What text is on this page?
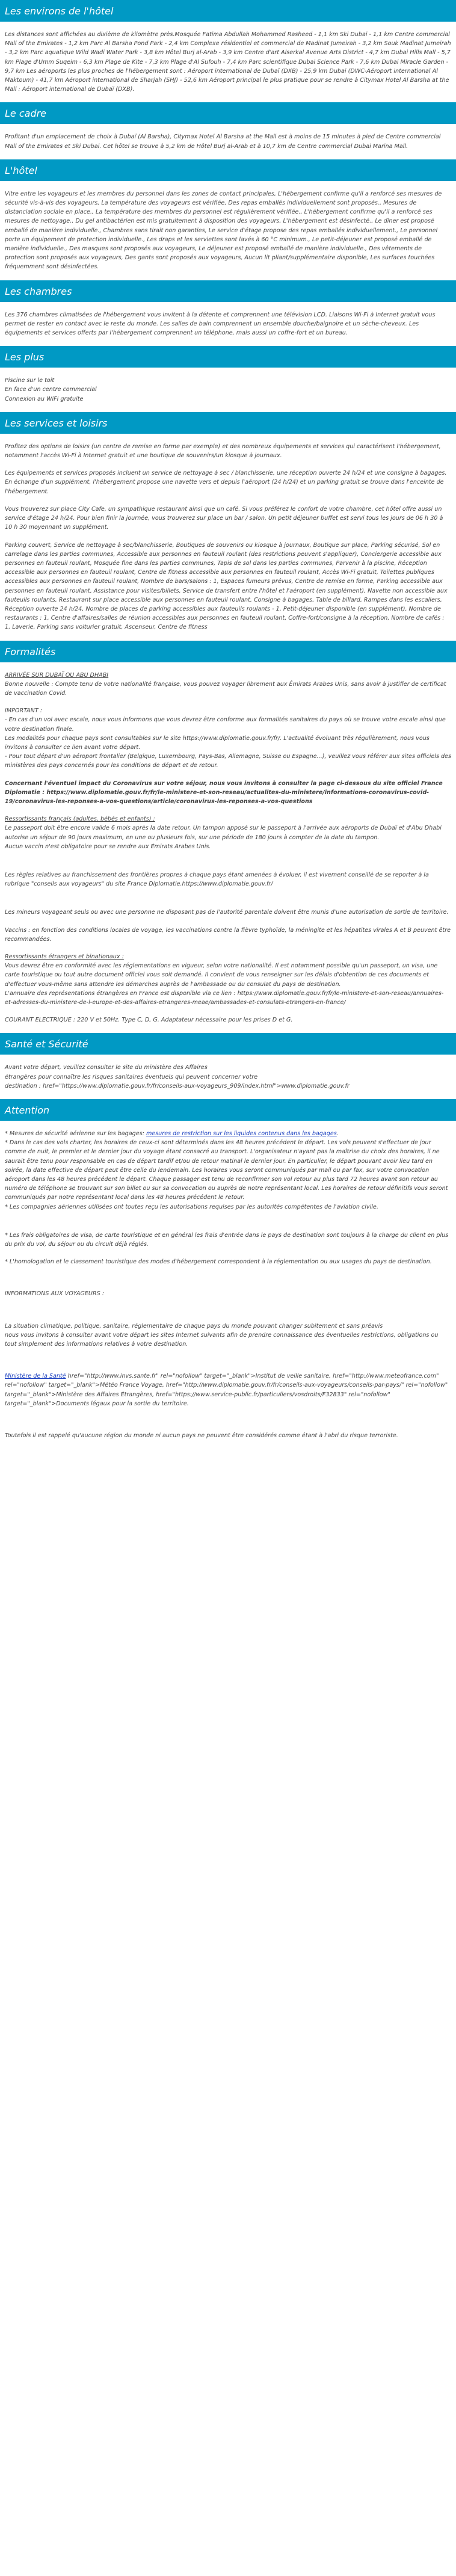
Les environs de l'hôtel

Les distances sont affichées au dixième de kilomètre près.Mosquée Fatima Abdullah Mohammed Rasheed - 1,1 km Ski Dubai - 1,1 km Centre commercial Mall of the Emirates - 1,2 km Parc Al Barsha Pond Park - 2,4 km Complexe résidentiel et commercial de Madinat Jumeirah - 3,2 km Souk Madinat Jumeirah - 3,2 km Parc aquatique Wild Wadi Water Park - 3,8 km Hôtel Burj al-Arab - 3,9 km Centre d'art Alserkal Avenue Arts District - 4,7 km Dubai Hills Mall - 5,7 km Plage d'Umm Suqeim - 6,3 km Plage de Kite - 7,3 km Plage d'Al Sufouh - 7,4 km Parc scientifique Dubai Science Park - 7,6 km Dubai Miracle Garden - 9,7 km Les aéroports les plus proches de l'hébergement sont : Aéroport international de Dubaï (DXB) - 25,9 km Dubai (DWC-Aéroport international Al Maktoum) - 41,7 km Aéroport international de Sharjah (SHJ) - 52,6 km Aéroport principal le plus pratique pour se rendre à Citymax Hotel Al Barsha at the Mall : Aéroport international de Dubaï (DXB).

Le cadre

Profitant d'un emplacement de choix à Dubaï (Al Barsha), Citymax Hotel Al Barsha at the Mall est à moins de 15 minutes à pied de Centre commercial Mall of the Emirates et Ski Dubai. Cet hôtel se trouve à 5,2 km de Hôtel Burj al-Arab et à 10,7 km de Centre commercial Dubai Marina Mall.

L'hôtel

Vitre entre les voyageurs et les membres du personnel dans les zones de contact principales, L'hébergement confirme qu'il a renforcé ses mesures de sécurité vis-à-vis des voyageurs, La température des voyageurs est vérifiée, Des repas emballés individuellement sont proposés., Mesures de distanciation sociale en place., La température des membres du personnel est régulièrement vérifiée., L'hébergement confirme qu'il a renforcé ses mesures de nettoyage., Du gel antibactérien est mis gratuitement à disposition des voyageurs, L'hébergement est désinfecté., Le dîner est proposé emballé de manière individuelle., Chambres sans tirait non garanties, Le service d'étage propose des repas emballés individuellement., Le personnel porte un équipement de protection individuelle., Les draps et les serviettes sont lavés à 60 °C minimum., Le petit-déjeuner est proposé emballé de manière individuelle., Des masques sont proposés aux voyageurs, Le déjeuner est proposé emballé de manière individuelle., Des vêtements de protection sont proposés aux voyageurs, Des gants sont proposés aux voyageurs, Aucun lit pliant/supplémentaire disponible, Les surfaces touchées fréquemment sont désinfectées.

Les chambres

Les 376 chambres climatisées de l'hébergement vous invitent à la détente et comprennent une télévision LCD. Liaisons Wi-Fi à Internet gratuit vous permet de rester en contact avec le reste du monde. Les salles de bain comprennent un ensemble douche/baignoire et un sèche-cheveux. Les équipements et services offerts par l'hébergement comprennent un téléphone, mais aussi un coffre-fort et un bureau.

Les plus

Piscine sur le toit
En face d'un centre commercial
Connexion au WiFi gratuite

Les services et loisirs

Profitez des options de loisirs (un centre de remise en forme par exemple) et des nombreux équipements et services qui caractérisent l'hébergement, notamment l'accès Wi-Fi à Internet gratuit et une boutique de souvenirs/un kiosque à journaux.

Les équipements et services proposés incluent un service de nettoyage à sec / blanchisserie, une réception ouverte 24 h/24 et une consigne à bagages. En échange d'un supplément, l'hébergement propose une navette vers et depuis l'aéroport (24 h/24) et un parking gratuit se trouve dans l'enceinte de l'hébergement.

Vous trouverez sur place City Cafe, un sympathique restaurant ainsi que un café. Si vous préférez le confort de votre chambre, cet hôtel offre aussi un service d'étage 24 h/24. Pour bien finir la journée, vous trouverez sur place un bar / salon. Un petit déjeuner buffet est servi tous les jours de 06 h 30 à 10 h 30 moyennant un supplément.

Parking couvert, Service de nettoyage à sec/blanchisserie, Boutiques de souvenirs ou kiosque à journaux, Boutique sur place, Parking sécurisé, Sol en carrelage dans les parties communes, Accessible aux personnes en fauteuil roulant (des restrictions peuvent s'appliquer), Conciergerie accessible aux personnes en fauteuil roulant, Mosquée fine dans les parties communes, Tapis de sol dans les parties communes, Parvenir à la piscine, Réception accessible aux personnes en fauteuil roulant, Centre de fitness accessible aux personnes en fauteuil roulant, Accès Wi-Fi gratuit, Toilettes publiques accessibles aux personnes en fauteuil roulant, Nombre de bars/salons : 1, Espaces fumeurs prévus, Centre de remise en forme, Parking accessible aux personnes en fauteuil roulant, Assistance pour visites/billets, Service de transfert entre l'hôtel et l'aéroport (en supplément), Navette non accessible aux fauteuils roulants, Restaurant sur place accessible aux personnes en fauteuil roulant, Consigne à bagages, Table de billard, Rampes dans les escaliers, Réception ouverte 24 h/24, Nombre de places de parking accessibles aux fauteuils roulants - 1, Petit-déjeuner disponible (en supplément), Nombre de restaurants : 1, Centre d'affaires/salles de réunion accessibles aux personnes en fauteuil roulant, Coffre-fort/consigne à la réception, Nombre de cafés : 1, Laverie, Parking sans voiturier gratuit, Ascenseur, Centre de fitness

Formalités

ARRIVÉE SUR DUBAÏ OU ABU DHABI
Bonne nouvelle : Compte tenu de votre nationalité française, vous pouvez voyager librement aux Émirats Arabes Unis, sans avoir à justifier de certificat de vaccination Covid.

IMPORTANT :
- En cas d'un vol avec escale, nous vous informons que vous devrez être conforme aux formalités sanitaires du pays où se trouve votre escale ainsi que votre destination finale.
Les modalités pour chaque pays sont consultables sur le site https://www.diplomatie.gouv.fr/fr/. L'actualité évoluant très régulièrement, nous vous invitons à consulter ce lien avant votre départ.
- Pour tout départ d'un aéroport frontalier (Belgique, Luxembourg, Pays-Bas, Allemagne, Suisse ou Espagne...), veuillez vous référer aux sites officiels des ministères des pays concernés pour les conditions de départ et de retour.

Concernant l'éventuel impact du Coronavirus sur votre séjour, nous vous invitons à consulter la page ci-dessous du site officiel France Diplomatie : https://www.diplomatie.gouv.fr/fr/le-ministere-et-son-reseau/actualites-du-ministere/informations-coronavirus-covid-19/coronavirus-les-reponses-a-vos-questions/article/coronavirus-les-reponses-a-vos-questions

Ressortissants français (adultes, bébés et enfants) :
Le passeport doit être encore valide 6 mois après la date retour. Un tampon apposé sur le passeport à l'arrivée aux aéroports de Dubaï et d'Abu Dhabi autorise un séjour de 90 jours maximum, en une ou plusieurs fois, sur une période de 180 jours à compter de la date du tampon.
Aucun vaccin n'est obligatoire pour se rendre aux Émirats Arabes Unis.

Les règles relatives au franchissement des frontières propres à chaque pays étant amenées à évoluer, il est vivement conseillé de se reporter à la rubrique "conseils aux voyageurs" du site France Diplomatie.https://www.diplomatie.gouv.fr/

Les mineurs voyageant seuls ou avec une personne ne disposant pas de l'autorité parentale doivent être munis d'une autorisation de sortie de territoire.

Vaccins : en fonction des conditions locales de voyage, les vaccinations contre la fièvre typhoïde, la méningite et les hépatites virales A et B peuvent être recommandées.

Ressortissants étrangers et binationaux :
Vous devrez être en conformité avec les réglementations en vigueur, selon votre nationalité. Il est notamment possible qu'un passeport, un visa, une carte touristique ou tout autre document officiel vous soit demandé. Il convient de vous renseigner sur les délais d'obtention de ces documents et d'effectuer vous-même sans attendre les démarches auprès de l'ambassade ou du consulat du pays de destination.
L'annuaire des représentations étrangères en France est disponible via ce lien : https://www.diplomatie.gouv.fr/fr/le-ministere-et-son-reseau/annuaires-et-adresses-du-ministere-de-l-europe-et-des-affaires-etrangeres-meae/ambassades-et-consulats-etrangers-en-france/

COURANT ELECTRIQUE : 220 V et 50Hz. Type C, D, G. Adaptateur nécessaire pour les prises D et G.

Santé et Sécurité

Avant votre départ, veuillez consulter le site du ministère des Affaires
étrangères pour connaître les risques sanitaires éventuels qui peuvent concerner votre
destination : href="https://www.diplomatie.gouv.fr/fr/conseils-aux-voyageurs_909/index.html">www.diplomatie.gouv.fr

Attention

* Mesures de sécurité aérienne sur les bagages: mesures de restriction sur les liquides contenus dans les bagages.
* Dans le cas des vols charter, les horaires de ceux-ci sont déterminés dans les 48 heures précédent le départ. Les vols peuvent s'effectuer de jour comme de nuit, le premier et le dernier jour du voyage étant consacré au transport. L'organisateur n'ayant pas la maîtrise du choix des horaires, il ne saurait être tenu pour responsable en cas de départ tardif et/ou de retour matinal le dernier jour. En particulier, le départ pouvant avoir lieu tard en soirée, la date effective de départ peut être celle du lendemain. Les horaires vous seront communiqués par mail ou par fax, sur votre convocation aéroport dans les 48 heures précédent le départ. Chaque passager est tenu de reconfirmer son vol retour au plus tard 72 heures avant son retour au numéro de téléphone se trouvant sur son billet ou sur sa convocation ou auprès de notre représentant local. Les horaires de retour définitifs vous seront communiqués par notre représentant local dans les 48 heures précédent le retour.
* Les compagnies aériennes utilisées ont toutes reçu les autorisations requises par les autorités compétentes de l'aviation civile.

* Les frais obligatoires de visa, de carte touristique et en général les frais d'entrée dans le pays de destination sont toujours à la charge du client en plus du prix du vol, du séjour ou du circuit déjà réglés.

* L'homologation et le classement touristique des modes d'hébergement correspondent à la réglementation ou aux usages du pays de destination.

INFORMATIONS AUX VOYAGEURS :

La situation climatique, politique, sanitaire, réglementaire de chaque pays du monde pouvant changer subitement et sans préavis
nous vous invitons à consulter avant votre départ les sites Internet suivants afin de prendre connaissance des éventuelles restrictions, obligations ou tout simplement des informations relatives à votre destination.

Ministère de la Santé href="http://www.invs.sante.fr" rel="nofollow" target="_blank">Institut de veille sanitaire, href="http://www.meteofrance.com" rel="nofollow" target="_blank">Météo France Voyage, href="http://www.diplomatie.gouv.fr/fr/conseils-aux-voyageurs/conseils-par-pays/" rel="nofollow" target="_blank">Ministère des Affaires Étrangères, href="https://www.service-public.fr/particuliers/vosdroits/F32833" rel="nofollow" target="_blank">Documents légaux pour la sortie du territoire.

Toutefois il est rappelé qu'aucune région du monde ni aucun pays ne peuvent être considérés comme étant à l'abri du risque terroriste.
